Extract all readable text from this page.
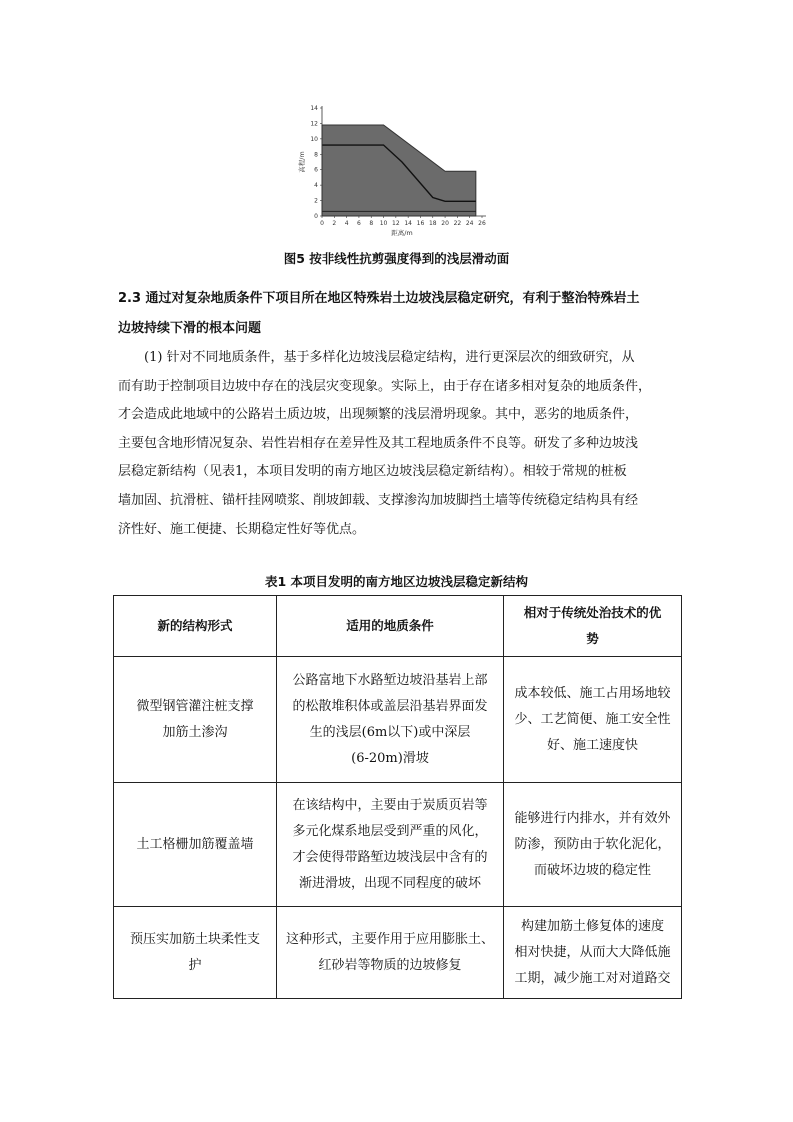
0
2
4
6
8
10
12
14
0 2 4 6 8 10 12 14 16 18 20 22 24 26
距离/m
高程/m
图5 按非线性抗剪强度得到的浅层滑动面
2.3 通过对复杂地质条件下项目所在地区特殊岩土边坡浅层稳定研究，有利于整治特殊岩土
边坡持续下滑的根本问题
(1) 针对不同地质条件，基于多样化边坡浅层稳定结构，进行更深层次的细致研究，从
而有助于控制项目边坡中存在的浅层灾变现象。实际上，由于存在诸多相对复杂的地质条件，
才会造成此地域中的公路岩土质边坡，出现频繁的浅层滑坍现象。其中，恶劣的地质条件，
主要包含地形情况复杂、岩性岩相存在差异性及其工程地质条件不良等。研发了多种边坡浅
层稳定新结构（见表1，本项目发明的南方地区边坡浅层稳定新结构）。相较于常规的桩板
墙加固、抗滑桩、锚杆挂网喷浆、削坡卸载、支撑渗沟加坡脚挡土墙等传统稳定结构具有经
济性好、施工便捷、长期稳定性好等优点。
表1 本项目发明的南方地区边坡浅层稳定新结构
新的结构形式	适用的地质条件	相对于传统处治技术的优
势

微型钢管灌注桩支撑
加筋土渗沟	公路富地下水路堑边坡沿基岩上部
的松散堆积体或盖层沿基岩界面发
生的浅层(6m以下)或中深层
(6-20m)滑坡	成本较低、施工占用场地较
少、工艺简便、施工安全性
好、施工速度快

土工格栅加筋覆盖墙	在该结构中，主要由于炭质页岩等
多元化煤系地层受到严重的风化，
才会使得带路堑边坡浅层中含有的
渐进滑坡，出现不同程度的破坏	能够进行内排水，并有效外
防渗，预防由于软化泥化，
而破坏边坡的稳定性

预压实加筋土块柔性支
护	这种形式，主要作用于应用膨胀土、
红砂岩等物质的边坡修复	构建加筋土修复体的速度
相对快捷，从而大大降低施
工期，减少施工对对道路交
